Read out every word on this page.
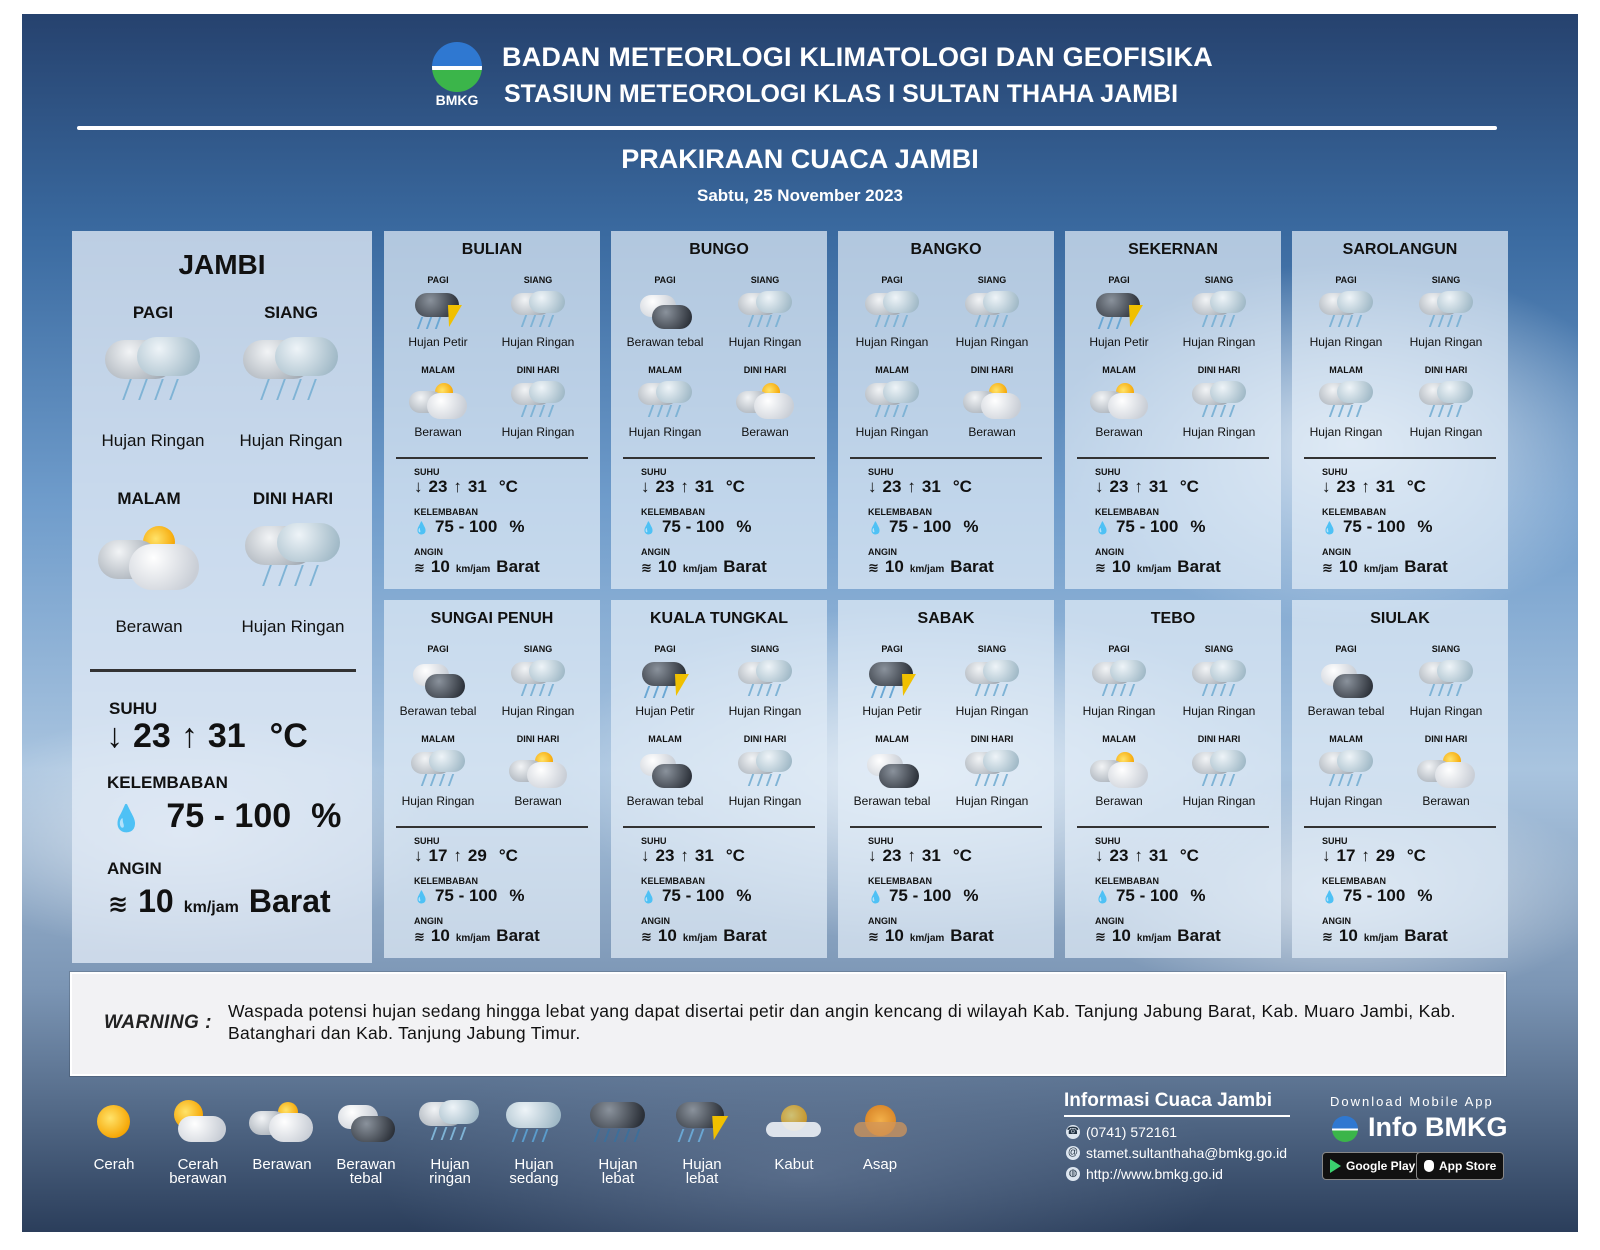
BMKG
BADAN METEORLOGI KLIMATOLOGI DAN GEOFISIKA
STASIUN METEOROLOGI KLAS I SULTAN THAHA JAMBI
PRAKIRAAN CUACA JAMBI
Sabtu, 25 November 2023
JAMBI
PAGI
Hujan Ringan
SIANG
Hujan Ringan
MALAM
Berawan
DINI HARI
Hujan Ringan
SUHU
↓ 23 ↑ 31 °C
KELEMBABAN
💧 75 - 100 %
ANGIN
≋ 10 km/jam Barat
BULIAN
PAGI
Hujan Petir
SIANG
Hujan Ringan
MALAM
Berawan
DINI HARI
Hujan Ringan
SUHU
↓ 23 ↑ 31 °C
KELEMBABAN
💧 75 - 100 %
ANGIN
≋ 10 km/jam Barat
BUNGO
PAGI
Berawan tebal
SIANG
Hujan Ringan
MALAM
Hujan Ringan
DINI HARI
Berawan
SUHU
↓ 23 ↑ 31 °C
KELEMBABAN
💧 75 - 100 %
ANGIN
≋ 10 km/jam Barat
BANGKO
PAGI
Hujan Ringan
SIANG
Hujan Ringan
MALAM
Hujan Ringan
DINI HARI
Berawan
SUHU
↓ 23 ↑ 31 °C
KELEMBABAN
💧 75 - 100 %
ANGIN
≋ 10 km/jam Barat
SEKERNAN
PAGI
Hujan Petir
SIANG
Hujan Ringan
MALAM
Berawan
DINI HARI
Hujan Ringan
SUHU
↓ 23 ↑ 31 °C
KELEMBABAN
💧 75 - 100 %
ANGIN
≋ 10 km/jam Barat
SAROLANGUN
PAGI
Hujan Ringan
SIANG
Hujan Ringan
MALAM
Hujan Ringan
DINI HARI
Hujan Ringan
SUHU
↓ 23 ↑ 31 °C
KELEMBABAN
💧 75 - 100 %
ANGIN
≋ 10 km/jam Barat
SUNGAI PENUH
PAGI
Berawan tebal
SIANG
Hujan Ringan
MALAM
Hujan Ringan
DINI HARI
Berawan
SUHU
↓ 17 ↑ 29 °C
KELEMBABAN
💧 75 - 100 %
ANGIN
≋ 10 km/jam Barat
KUALA TUNGKAL
PAGI
Hujan Petir
SIANG
Hujan Ringan
MALAM
Berawan tebal
DINI HARI
Hujan Ringan
SUHU
↓ 23 ↑ 31 °C
KELEMBABAN
💧 75 - 100 %
ANGIN
≋ 10 km/jam Barat
SABAK
PAGI
Hujan Petir
SIANG
Hujan Ringan
MALAM
Berawan tebal
DINI HARI
Hujan Ringan
SUHU
↓ 23 ↑ 31 °C
KELEMBABAN
💧 75 - 100 %
ANGIN
≋ 10 km/jam Barat
TEBO
PAGI
Hujan Ringan
SIANG
Hujan Ringan
MALAM
Berawan
DINI HARI
Hujan Ringan
SUHU
↓ 23 ↑ 31 °C
KELEMBABAN
💧 75 - 100 %
ANGIN
≋ 10 km/jam Barat
SIULAK
PAGI
Berawan tebal
SIANG
Hujan Ringan
MALAM
Hujan Ringan
DINI HARI
Berawan
SUHU
↓ 17 ↑ 29 °C
KELEMBABAN
💧 75 - 100 %
ANGIN
≋ 10 km/jam Barat
WARNING :
Waspada potensi hujan sedang hingga lebat yang dapat disertai petir dan angin kencang di wilayah Kab. Tanjung Jabung Barat, Kab. Muaro Jambi, Kab. Batanghari dan Kab. Tanjung Jabung Timur.
Cerah	Cerah
berawan
Berawan	Berawan
tebal
Hujan
ringan
Hujan
sedang
Hujan
lebat
Hujan
lebat
Kabut	Asap
Informasi Cuaca Jambi
☎ (0741) 572161
@ stamet.sultanthaha@bmkg.go.id
◍ http://www.bmkg.go.id
Download Mobile App
Info BMKG
Google Play App Store
